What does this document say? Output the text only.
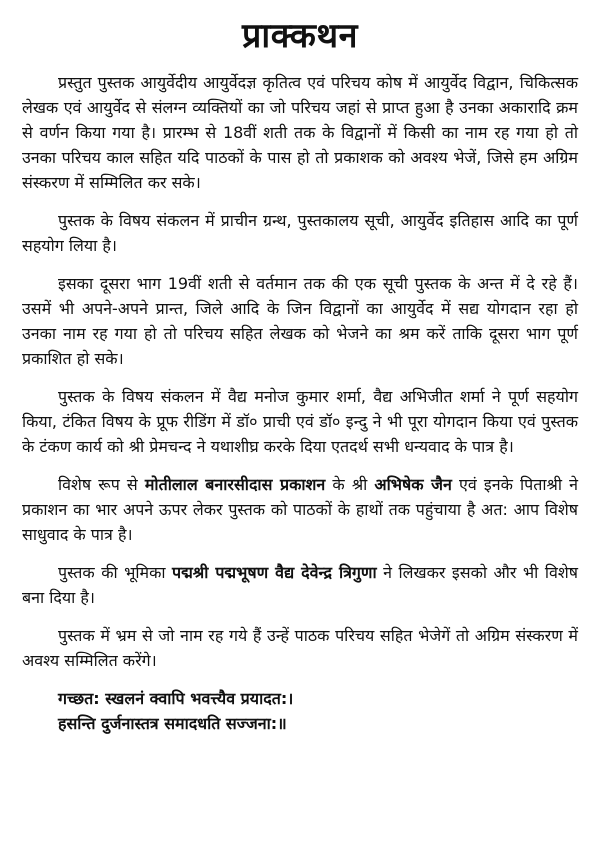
प्राक्कथन

प्रस्तुत पुस्तक आयुर्वेदीय आयुर्वेदज्ञ कृतित्व एवं परिचय कोष में आयुर्वेद विद्वान, चिकित्सक लेखक एवं आयुर्वेद से संलग्न व्यक्तियों का जो परिचय जहां से प्राप्त हुआ है उनका अकारादि क्रम से वर्णन किया गया है। प्रारम्भ से 18वीं शती तक के विद्वानों में किसी का नाम रह गया हो तो उनका परिचय काल सहित यदि पाठकों के पास हो तो प्रकाशक को अवश्य भेजें, जिसे हम अग्रिम संस्करण में सम्मिलित कर सके।

पुस्तक के विषय संकलन में प्राचीन ग्रन्थ, पुस्तकालय सूची, आयुर्वेद इतिहास आदि का पूर्ण सहयोग लिया है।

इसका दूसरा भाग 19वीं शती से वर्तमान तक की एक सूची पुस्तक के अन्त में दे रहे हैं। उसमें भी अपने-अपने प्रान्त, जिले आदि के जिन विद्वानों का आयुर्वेद में सद्य योगदान रहा हो उनका नाम रह गया हो तो परिचय सहित लेखक को भेजने का श्रम करें ताकि दूसरा भाग पूर्ण प्रकाशित हो सके।

पुस्तक के विषय संकलन में वैद्य मनोज कुमार शर्मा, वैद्य अभिजीत शर्मा ने पूर्ण सहयोग किया, टंकित विषय के प्रूफ रीडिंग में डॉ० प्राची एवं डॉ० इन्दु ने भी पूरा योगदान किया एवं पुस्तक के टंकण कार्य को श्री प्रेमचन्द ने यथाशीघ्र करके दिया एतदर्थ सभी धन्यवाद के पात्र है।

विशेष रूप से मोतीलाल बनारसीदास प्रकाशन के श्री अभिषेक जैन एवं इनके पिताश्री ने प्रकाशन का भार अपने ऊपर लेकर पुस्तक को पाठकों के हाथों तक पहुंचाया है अत: आप विशेष साधुवाद के पात्र है।

पुस्तक की भूमिका पद्मश्री पद्मभूषण वैद्य देवेन्द्र त्रिगुणा ने लिखकर इसको और भी विशेष बना दिया है।

पुस्तक में भ्रम से जो नाम रह गये हैं उन्हें पाठक परिचय सहित भेजेगें तो अग्रिम संस्करण में अवश्य सम्मिलित करेंगे।

गच्छत: स्खलनं क्वापि भवत्त्यैव प्रयादत:।
हसन्ति दुर्जनास्तत्र समादधति सज्जना:॥
